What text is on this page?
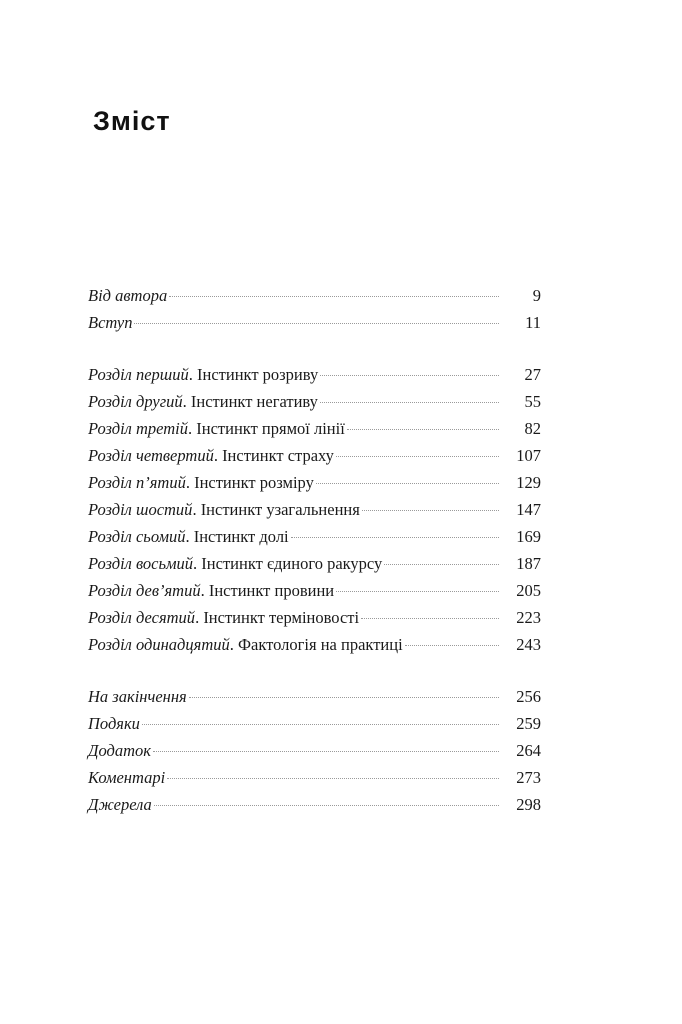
Зміст
Від автора	9
Вступ	11
Розділ перший. Інстинкт розриву	27
Розділ другий. Інстинкт негативу	55
Розділ третій. Інстинкт прямої лінії	82
Розділ четвертий. Інстинкт страху	107
Розділ п’ятий. Інстинкт розміру	129
Розділ шостий. Інстинкт узагальнення	147
Розділ сьомий. Інстинкт долі	169
Розділ восьмий. Інстинкт єдиного ракурсу	187
Розділ дев’ятий. Інстинкт провини	205
Розділ десятий. Інстинкт терміновості	223
Розділ одинадцятий. Фактологія на практиці	243
На закінчення	256
Подяки	259
Додаток	264
Коментарі	273
Джерела	298
